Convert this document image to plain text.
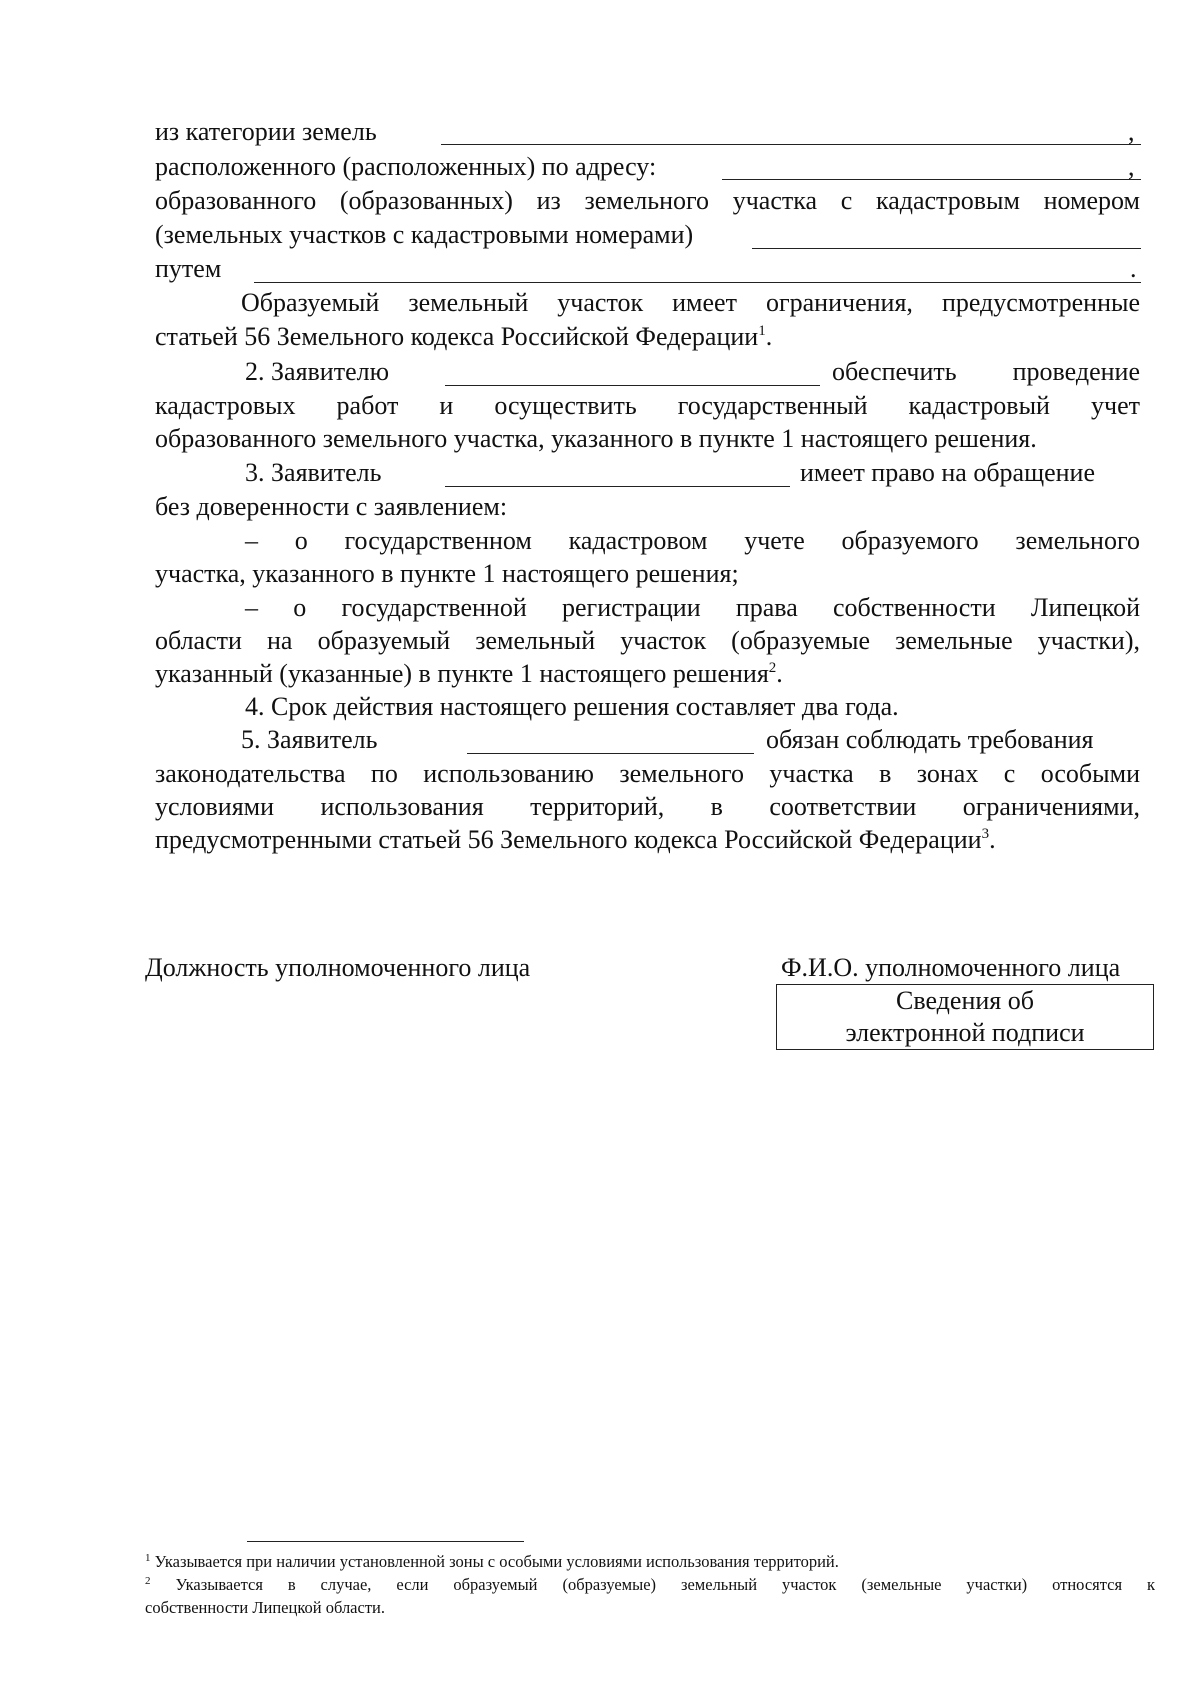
из категории земель	,
расположенного (расположенных) по адресу:	,
образованного (образованных) из земельного участка с кадастровым номером
(земельных участков с кадастровыми номерами)
путем	.
Образуемый земельный участок имеет ограничения, предусмотренные
статьей 56 Земельного кодекса Российской Федерации$^1$.
2. Заявителю	обеспечить проведение
кадастровых работ и осуществить государственный кадастровый учет
образованного земельного участка, указанного в пункте 1 настоящего решения.
3. Заявитель	имеет право на обращение
без доверенности с заявлением:
– о государственном кадастровом учете образуемого земельного
участка, указанного в пункте 1 настоящего решения;
– о государственной регистрации права собственности Липецкой
области на образуемый земельный участок (образуемые земельные участки),
указанный (указанные) в пункте 1 настоящего решения$^2$.
4. Срок действия настоящего решения составляет два года.
5. Заявитель	обязан соблюдать требования
законодательства по использованию земельного участка в зонах с особыми
условиями использования территорий, в соответствии ограничениями,
предусмотренными статьей 56 Земельного кодекса Российской Федерации$^3$.
Должность уполномоченного лица	Ф.И.О. уполномоченного лица
Сведения об
электронной подписи
$^1$ Указывается при наличии установленной зоны с особыми условиями использования территорий.
$^2$ Указывается в случае, если образуемый (образуемые) земельный участок (земельные участки) относятся к
собственности Липецкой области.
